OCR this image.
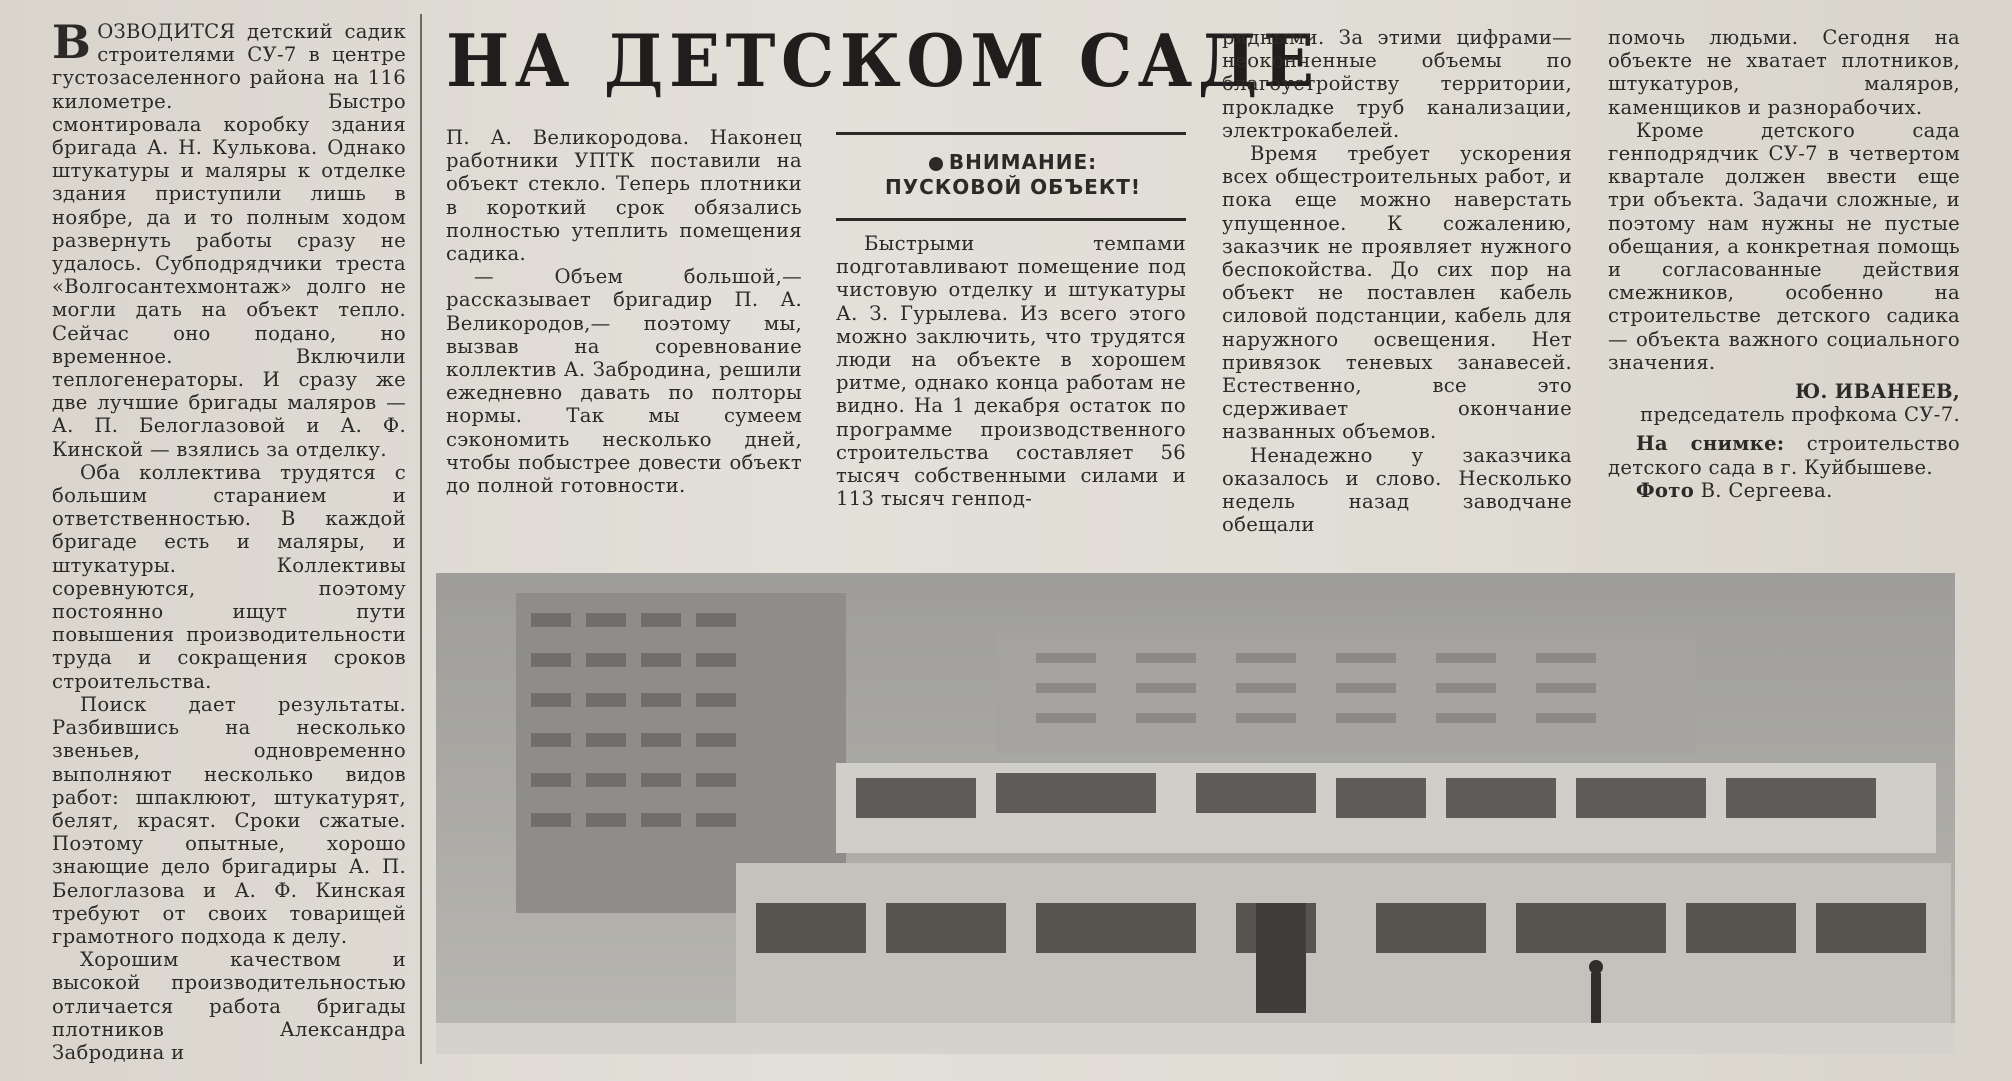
ВОЗВОДИТСЯ детский садик строителями СУ-7 в центре густозаселенного района на 116 километре. Быстро смонтировала коробку здания бригада А. Н. Кулькова. Однако штукатуры и маляры к отделке здания приступили лишь в ноябре, да и то полным ходом развернуть работы сразу не удалось. Субподрядчики треста «Волгосантехмонтаж» долго не могли дать на объект тепло. Сейчас оно подано, но временное. Включили теплогенераторы. И сразу же две лучшие бригады маляров — А. П. Белоглазовой и А. Ф. Кинской — взялись за отделку.

Оба коллектива трудятся с большим старанием и ответственностью. В каждой бригаде есть и маляры, и штукатуры. Коллективы соревнуются, поэтому постоянно ищут пути повышения производительности труда и сокращения сроков строительства.

Поиск дает результаты. Разбившись на несколько звеньев, одновременно выполняют несколько видов работ: шпаклюют, штукатурят, белят, красят. Сроки сжатые. Поэтому опытные, хорошо знающие дело бригадиры А. П. Белоглазова и А. Ф. Кинская требуют от своих товарищей грамотного подхода к делу.

Хорошим качеством и высокой производительностью отличается работа бригады плотников Александра Забродина и

НА ДЕТСКОМ САДЕ

П. А. Великородова. Наконец работники УПТК поставили на объект стекло. Теперь плотники в короткий срок обязались полностью утеплить помещения садика.

— Объем большой,— рассказывает бригадир П. А. Великородов,— поэтому мы, вызвав на соревнование коллектив А. Забродина, решили ежедневно давать по полторы нормы. Так мы сумеем сэкономить несколько дней, чтобы побыстрее довести объект до полной готовности.

ВНИМАНИЕ:
ПУСКОВОЙ ОБЪЕКТ!

Быстрыми темпами подготавливают помещение под чистовую отделку и штукатуры А. З. Гурылева. Из всего этого можно заключить, что трудятся люди на объекте в хорошем ритме, однако конца работам не видно. На 1 декабря остаток по программе производственного строительства составляет 56 тысяч собственными силами и 113 тысяч генпод-

рядными. За этими цифрами— неоконченные объемы по благоустройству территории, прокладке труб канализации, электрокабелей.

Время требует ускорения всех общестроительных работ, и пока еще можно наверстать упущенное. К сожалению, заказчик не проявляет нужного беспокойства. До сих пор на объект не поставлен кабель силовой подстанции, кабель для наружного освещения. Нет привязок теневых занавесей. Естественно, все это сдерживает окончание названных объемов.

Ненадежно у заказчика оказалось и слово. Несколько недель назад заводчане обещали

помочь людьми. Сегодня на объекте не хватает плотников, штукатуров, маляров, каменщиков и разнорабочих.

Кроме детского сада генподрядчик СУ-7 в четвертом квартале должен ввести еще три объекта. Задачи сложные, и поэтому нам нужны не пустые обещания, а конкретная помощь и согласованные действия смежников, особенно на строительстве детского садика — объекта важного социального значения.

Ю. ИВАНЕЕВ,
председатель профкома СУ-7.

На снимке: строительство детского сада в г. Куйбышеве.

Фото В. Сергеева.
